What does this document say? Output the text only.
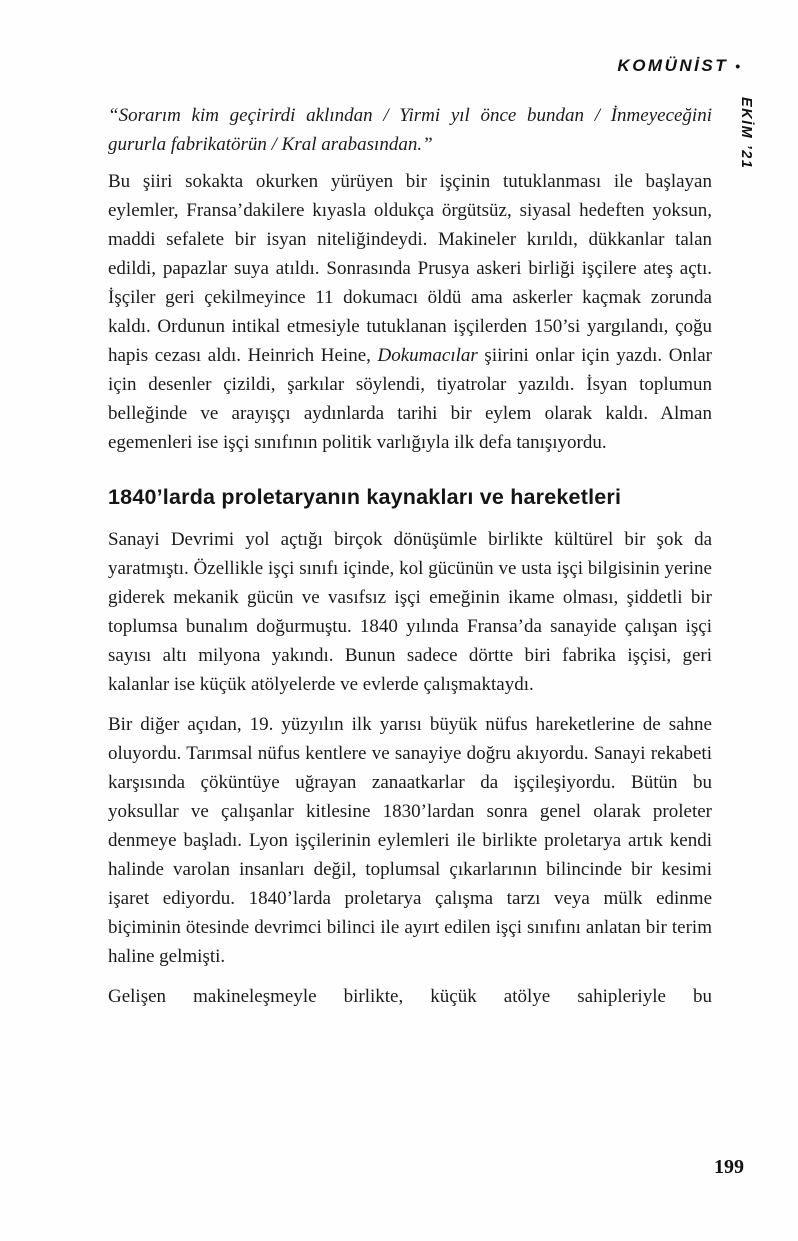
KOMÜNİST •
EKİM ’21

“Sorarım kim geçirirdi aklından / Yirmi yıl önce bundan / İnmeyeceğini gururla fabrikatörün / Kral arabasından.”

Bu şiiri sokakta okurken yürüyen bir işçinin tutuklanması ile başlayan eylemler, Fransa’dakilere kıyasla oldukça örgütsüz, siyasal hedeften yoksun, maddi sefalete bir isyan niteliğindeydi. Makineler kırıldı, dükkanlar talan edildi, papazlar suya atıldı. Sonrasında Prusya askeri birliği işçilere ateş açtı. İşçiler geri çekilmeyince 11 dokumacı öldü ama askerler kaçmak zorunda kaldı. Ordunun intikal etmesiyle tutuklanan işçilerden 150’si yargılandı, çoğu hapis cezası aldı. Heinrich Heine, Dokumacılar şiirini onlar için yazdı. Onlar için desenler çizildi, şarkılar söylendi, tiyatrolar yazıldı. İsyan toplumun belleğinde ve arayışçı aydınlarda tarihi bir eylem olarak kaldı. Alman egemenleri ise işçi sınıfının politik varlığıyla ilk defa tanışıyordu.

1840’larda proletaryanın kaynakları ve hareketleri

Sanayi Devrimi yol açtığı birçok dönüşümle birlikte kültürel bir şok da yaratmıştı. Özellikle işçi sınıfı içinde, kol gücünün ve usta işçi bilgisinin yerine giderek mekanik gücün ve vasıfsız işçi emeğinin ikame olması, şiddetli bir toplumsa bunalım doğurmuştu. 1840 yılında Fransa’da sanayide çalışan işçi sayısı altı milyona yakındı. Bunun sadece dörtte biri fabrika işçisi, geri kalanlar ise küçük atölyelerde ve evlerde çalışmaktaydı.

Bir diğer açıdan, 19. yüzyılın ilk yarısı büyük nüfus hareketlerine de sahne oluyordu. Tarımsal nüfus kentlere ve sanayiye doğru akıyordu. Sanayi rekabeti karşısında çöküntüye uğrayan zanaatkarlar da işçileşiyordu. Bütün bu yoksullar ve çalışanlar kitlesine 1830’lardan sonra genel olarak proleter denmeye başladı. Lyon işçilerinin eylemleri ile birlikte proletarya artık kendi halinde varolan insanları değil, toplumsal çıkarlarının bilincinde bir kesimi işaret ediyordu. 1840’larda proletarya çalışma tarzı veya mülk edinme biçiminin ötesinde devrimci bilinci ile ayırt edilen işçi sınıfını anlatan bir terim haline gelmişti.

Gelişen makineleşmeyle birlikte, küçük atölye sahipleriyle bu

199
